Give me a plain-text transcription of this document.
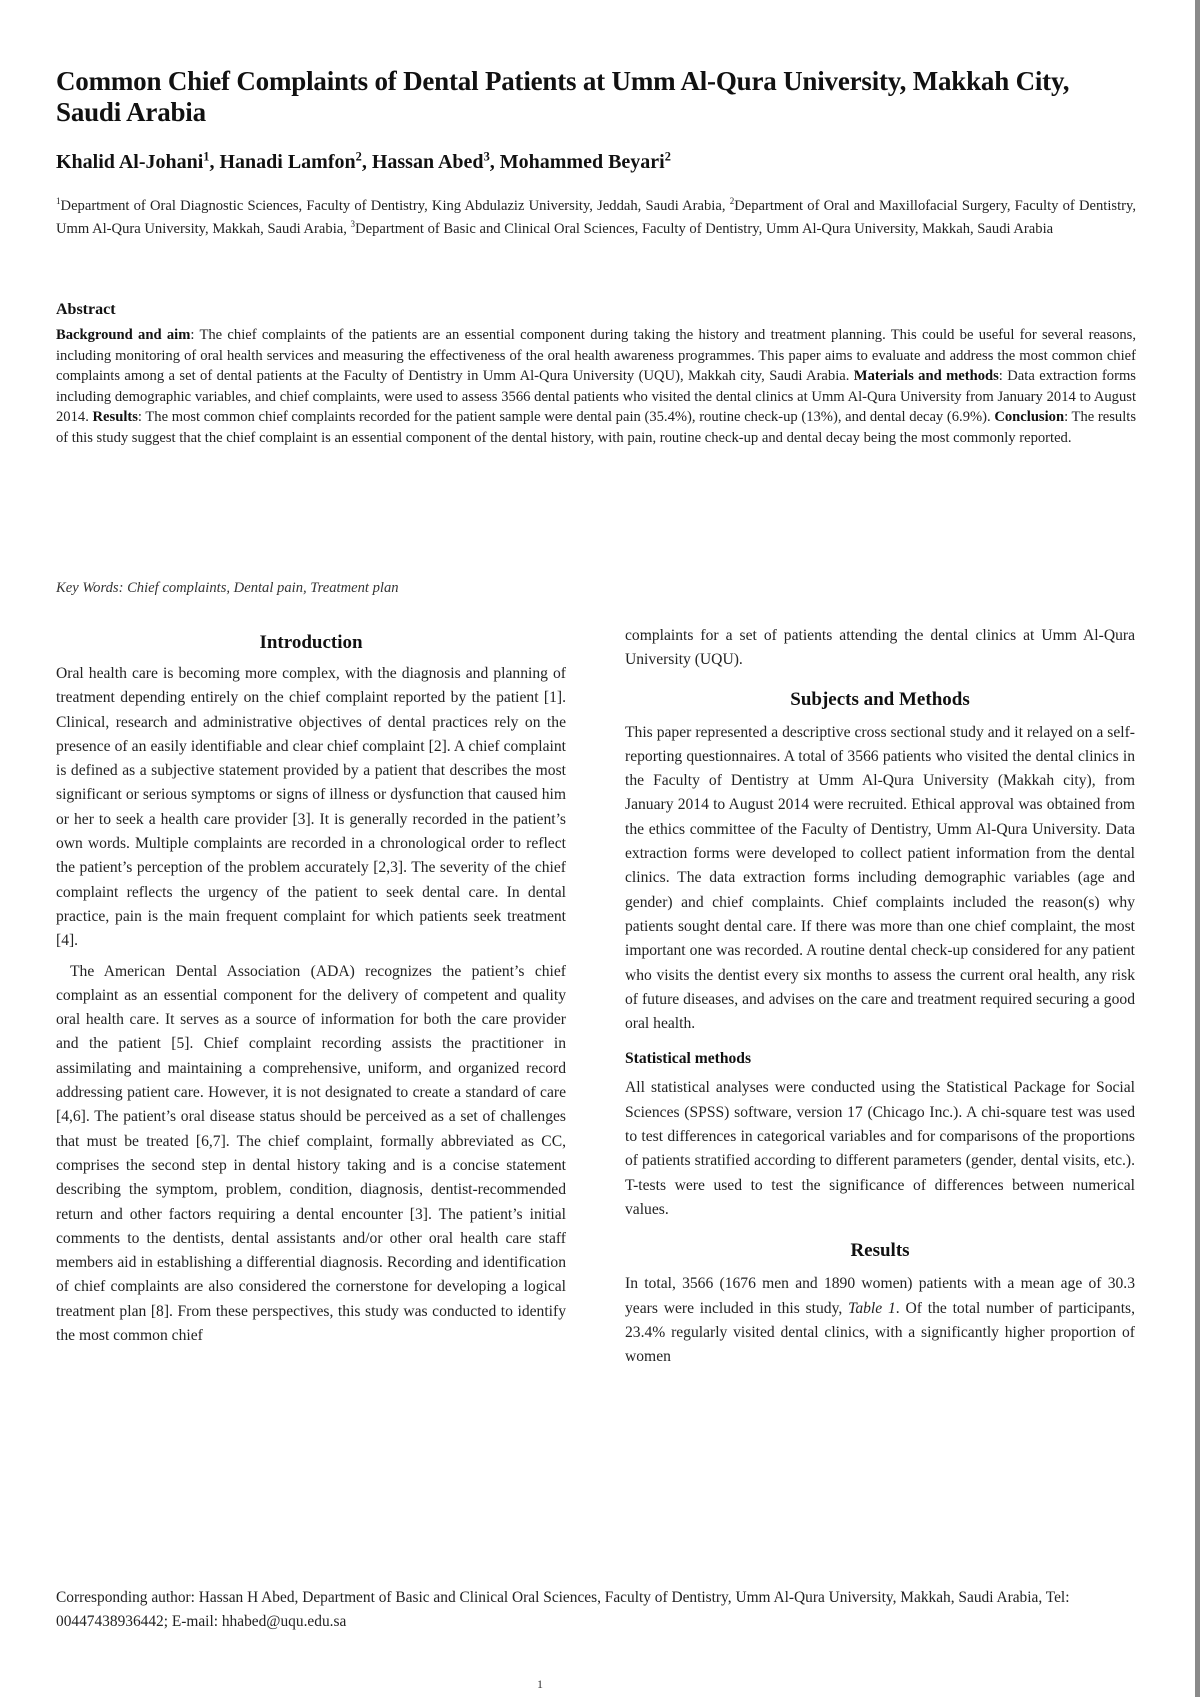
Common Chief Complaints of Dental Patients at Umm Al-Qura University, Makkah City, Saudi Arabia
Khalid Al-Johani$^1$, Hanadi Lamfon$^2$, Hassan Abed$^3$, Mohammed Beyari$^2$
$^1$Department of Oral Diagnostic Sciences, Faculty of Dentistry, King Abdulaziz University, Jeddah, Saudi Arabia, $^2$Department of Oral and Maxillofacial Surgery, Faculty of Dentistry, Umm Al-Qura University, Makkah, Saudi Arabia, $^3$Department of Basic and Clinical Oral Sciences, Faculty of Dentistry, Umm Al-Qura University, Makkah, Saudi Arabia
Abstract
Background and aim: The chief complaints of the patients are an essential component during taking the history and treatment planning. This could be useful for several reasons, including monitoring of oral health services and measuring the effectiveness of the oral health awareness programmes. This paper aims to evaluate and address the most common chief complaints among a set of dental patients at the Faculty of Dentistry in Umm Al-Qura University (UQU), Makkah city, Saudi Arabia. Materials and methods: Data extraction forms including demographic variables, and chief complaints, were used to assess 3566 dental patients who visited the dental clinics at Umm Al-Qura University from January 2014 to August 2014. Results: The most common chief complaints recorded for the patient sample were dental pain (35.4%), routine check-up (13%), and dental decay (6.9%). Conclusion: The results of this study suggest that the chief complaint is an essential component of the dental history, with pain, routine check-up and dental decay being the most commonly reported.
Key Words: Chief complaints, Dental pain, Treatment plan
Introduction

Oral health care is becoming more complex, with the diagnosis and planning of treatment depending entirely on the chief complaint reported by the patient [1]. Clinical, research and administrative objectives of dental practices rely on the presence of an easily identifiable and clear chief complaint [2]. A chief complaint is defined as a subjective statement provided by a patient that describes the most significant or serious symptoms or signs of illness or dysfunction that caused him or her to seek a health care provider [3]. It is generally recorded in the patient’s own words. Multiple complaints are recorded in a chronological order to reflect the patient’s perception of the problem accurately [2,3]. The severity of the chief complaint reflects the urgency of the patient to seek dental care. In dental practice, pain is the main frequent complaint for which patients seek treatment [4].

The American Dental Association (ADA) recognizes the patient’s chief complaint as an essential component for the delivery of competent and quality oral health care. It serves as a source of information for both the care provider and the patient [5]. Chief complaint recording assists the practitioner in assimilating and maintaining a comprehensive, uniform, and organized record addressing patient care. However, it is not designated to create a standard of care [4,6]. The patient’s oral disease status should be perceived as a set of challenges that must be treated [6,7]. The chief complaint, formally abbreviated as CC, comprises the second step in dental history taking and is a concise statement describing the symptom, problem, condition, diagnosis, dentist-recommended return and other factors requiring a dental encounter [3]. The patient’s initial comments to the dentists, dental assistants and/or other oral health care staff members aid in establishing a differential diagnosis. Recording and identification of chief complaints are also considered the cornerstone for developing a logical treatment plan [8]. From these perspectives, this study was conducted to identify the most common chief

complaints for a set of patients attending the dental clinics at Umm Al-Qura University (UQU).

Subjects and Methods

This paper represented a descriptive cross sectional study and it relayed on a self-reporting questionnaires. A total of 3566 patients who visited the dental clinics in the Faculty of Dentistry at Umm Al-Qura University (Makkah city), from January 2014 to August 2014 were recruited. Ethical approval was obtained from the ethics committee of the Faculty of Dentistry, Umm Al-Qura University. Data extraction forms were developed to collect patient information from the dental clinics. The data extraction forms including demographic variables (age and gender) and chief complaints. Chief complaints included the reason(s) why patients sought dental care. If there was more than one chief complaint, the most important one was recorded. A routine dental check-up considered for any patient who visits the dentist every six months to assess the current oral health, any risk of future diseases, and advises on the care and treatment required securing a good oral health.

Statistical methods

All statistical analyses were conducted using the Statistical Package for Social Sciences (SPSS) software, version 17 (Chicago Inc.). A chi-square test was used to test differences in categorical variables and for comparisons of the proportions of patients stratified according to different parameters (gender, dental visits, etc.). T-tests were used to test the significance of differences between numerical values.

Results

In total, 3566 (1676 men and 1890 women) patients with a mean age of 30.3 years were included in this study, Table 1. Of the total number of participants, 23.4% regularly visited dental clinics, with a significantly higher proportion of women

Corresponding author: Hassan H Abed, Department of Basic and Clinical Oral Sciences, Faculty of Dentistry, Umm Al-Qura University, Makkah, Saudi Arabia, Tel: 00447438936442; E-mail: hhabed@uqu.edu.sa
1
